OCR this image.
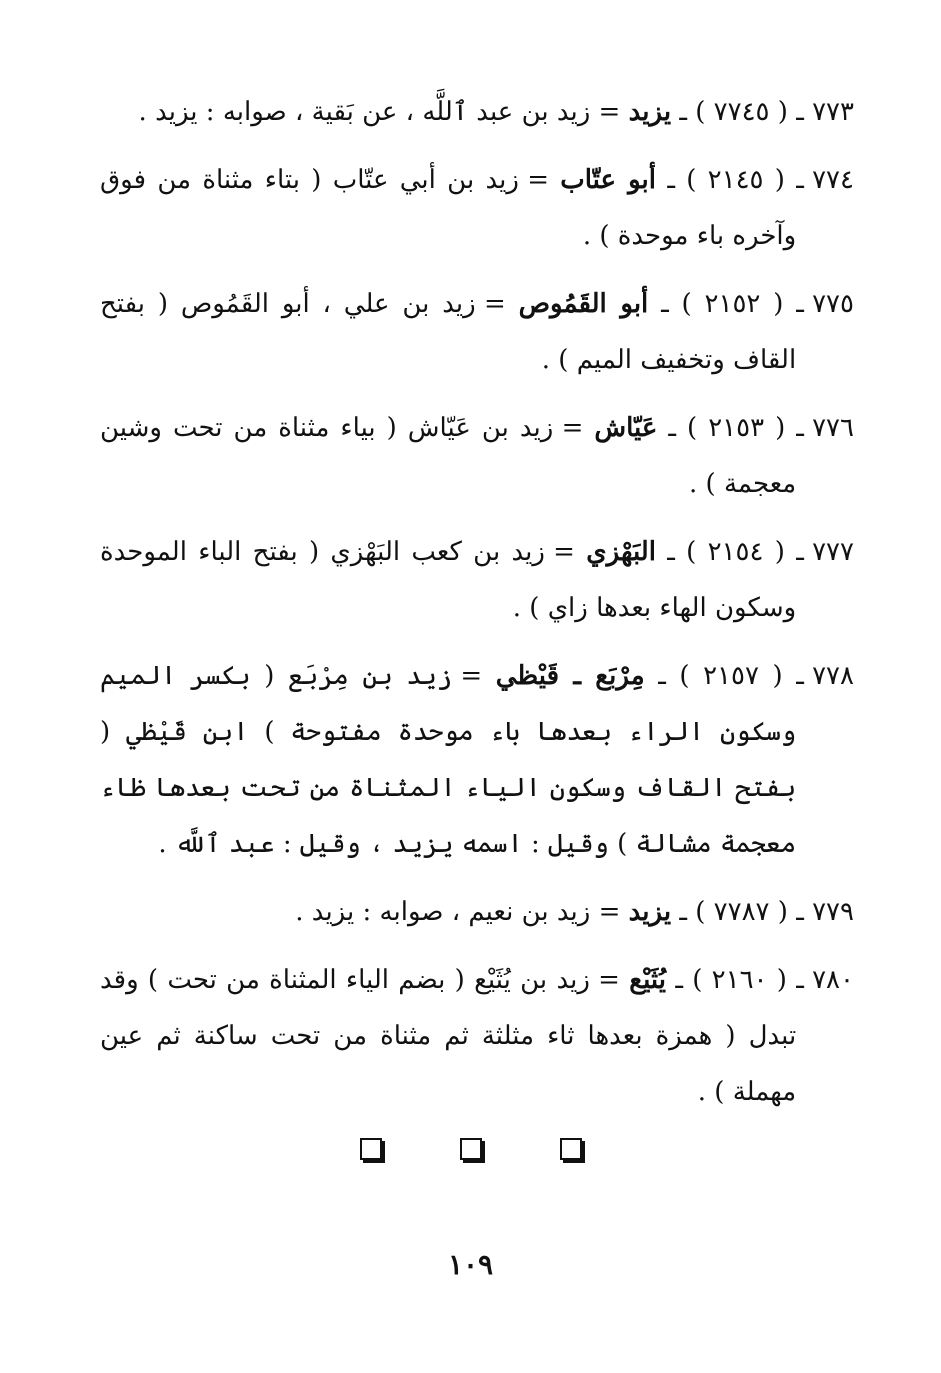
٧٧٣ ـ
( ٧٧٤٥ ) ـ يزيد = زيد بن عبد ٱللَّه ، عن بَقية ، صوابه : يزيد .
٧٧٤ ـ
( ٢١٤٥ ) ـ أبو عتّاب = زيد بن أبي عتّاب ( بتاء مثناة من فوق وآخره باء موحدة ) .
٧٧٥ ـ
( ٢١٥٢ ) ـ أبو القَمُوص = زيد بن علي ، أبو القَمُوص ( بفتح القاف وتخفيف الميم ) .
٧٧٦ ـ
( ٢١٥٣ ) ـ عَيّاش = زيد بن عَيّاش ( بياء مثناة من تحت وشين معجمة ) .
٧٧٧ ـ
( ٢١٥٤ ) ـ البَهْزي = زيد بن كعب البَهْزي ( بفتح الباء الموحدة وسكون الهاء بعدها زاي ) .
٧٧٨ ـ
( ٢١٥٧ ) ـ مِرْبَع ـ قَيْظي = زيد بن مِرْبَع ( بكسر الميم وسكون الراء بعدها باء موحدة مفتوحة ) ابن قَيْظي ( بفتح القاف وسكون الياء المثناة من تحت بعدها ظاء معجمة مشالة ) وقيل : اسمه يزيد ، وقيل : عبد ٱللَّه .
٧٧٩ ـ
( ٧٧٨٧ ) ـ يزيد = زيد بن نعيم ، صوابه : يزيد .
٧٨٠ ـ
( ٢١٦٠ ) ـ يُثَيْع = زيد بن يُثَيْع ( بضم الياء المثناة من تحت ) وقد تبدل ( همزة بعدها ثاء مثلثة ثم مثناة من تحت ساكنة ثم عين مهملة ) .
١٠٩
